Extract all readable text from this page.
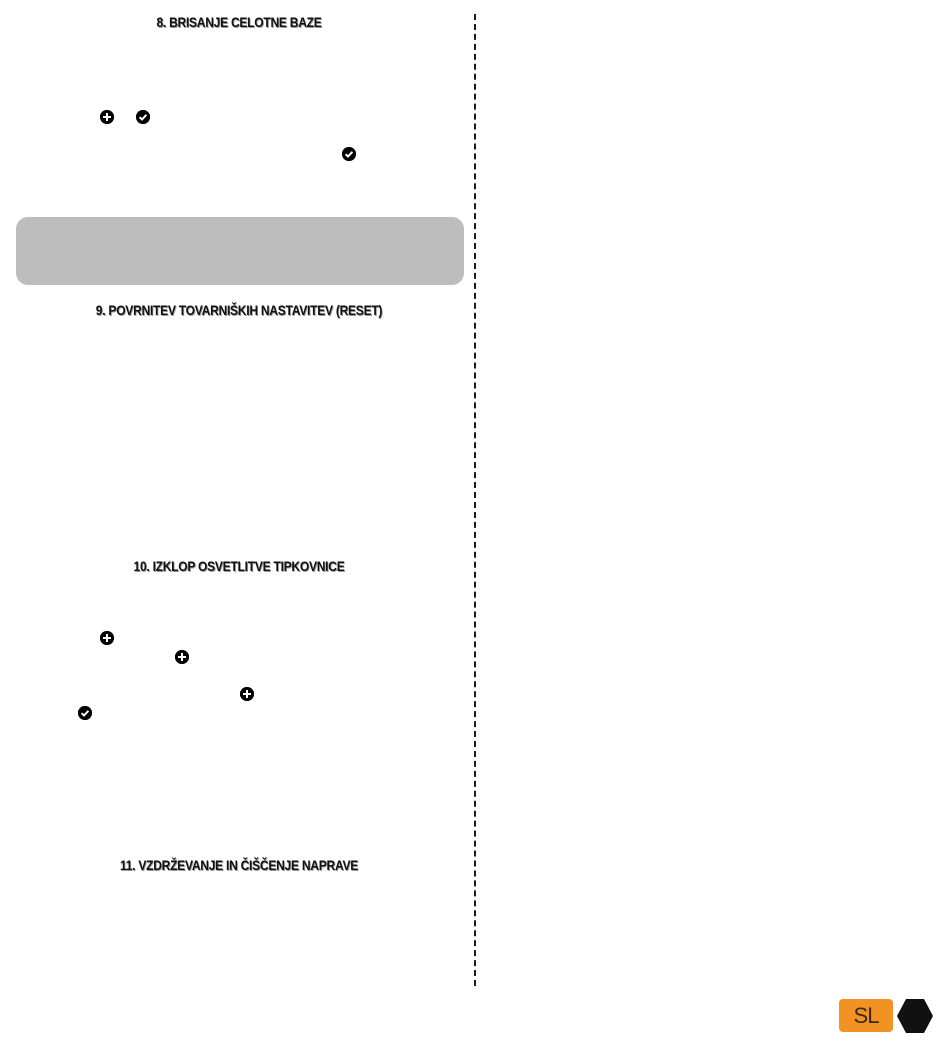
8. BRISANJE CELOTNE BAZE
9. POVRNITEV TOVARNIŠKIH NASTAVITEV (RESET)
10. IZKLOP OSVETLITVE TIPKOVNICE
11. VZDRŽEVANJE IN ČIŠČENJE NAPRAVE
SL
